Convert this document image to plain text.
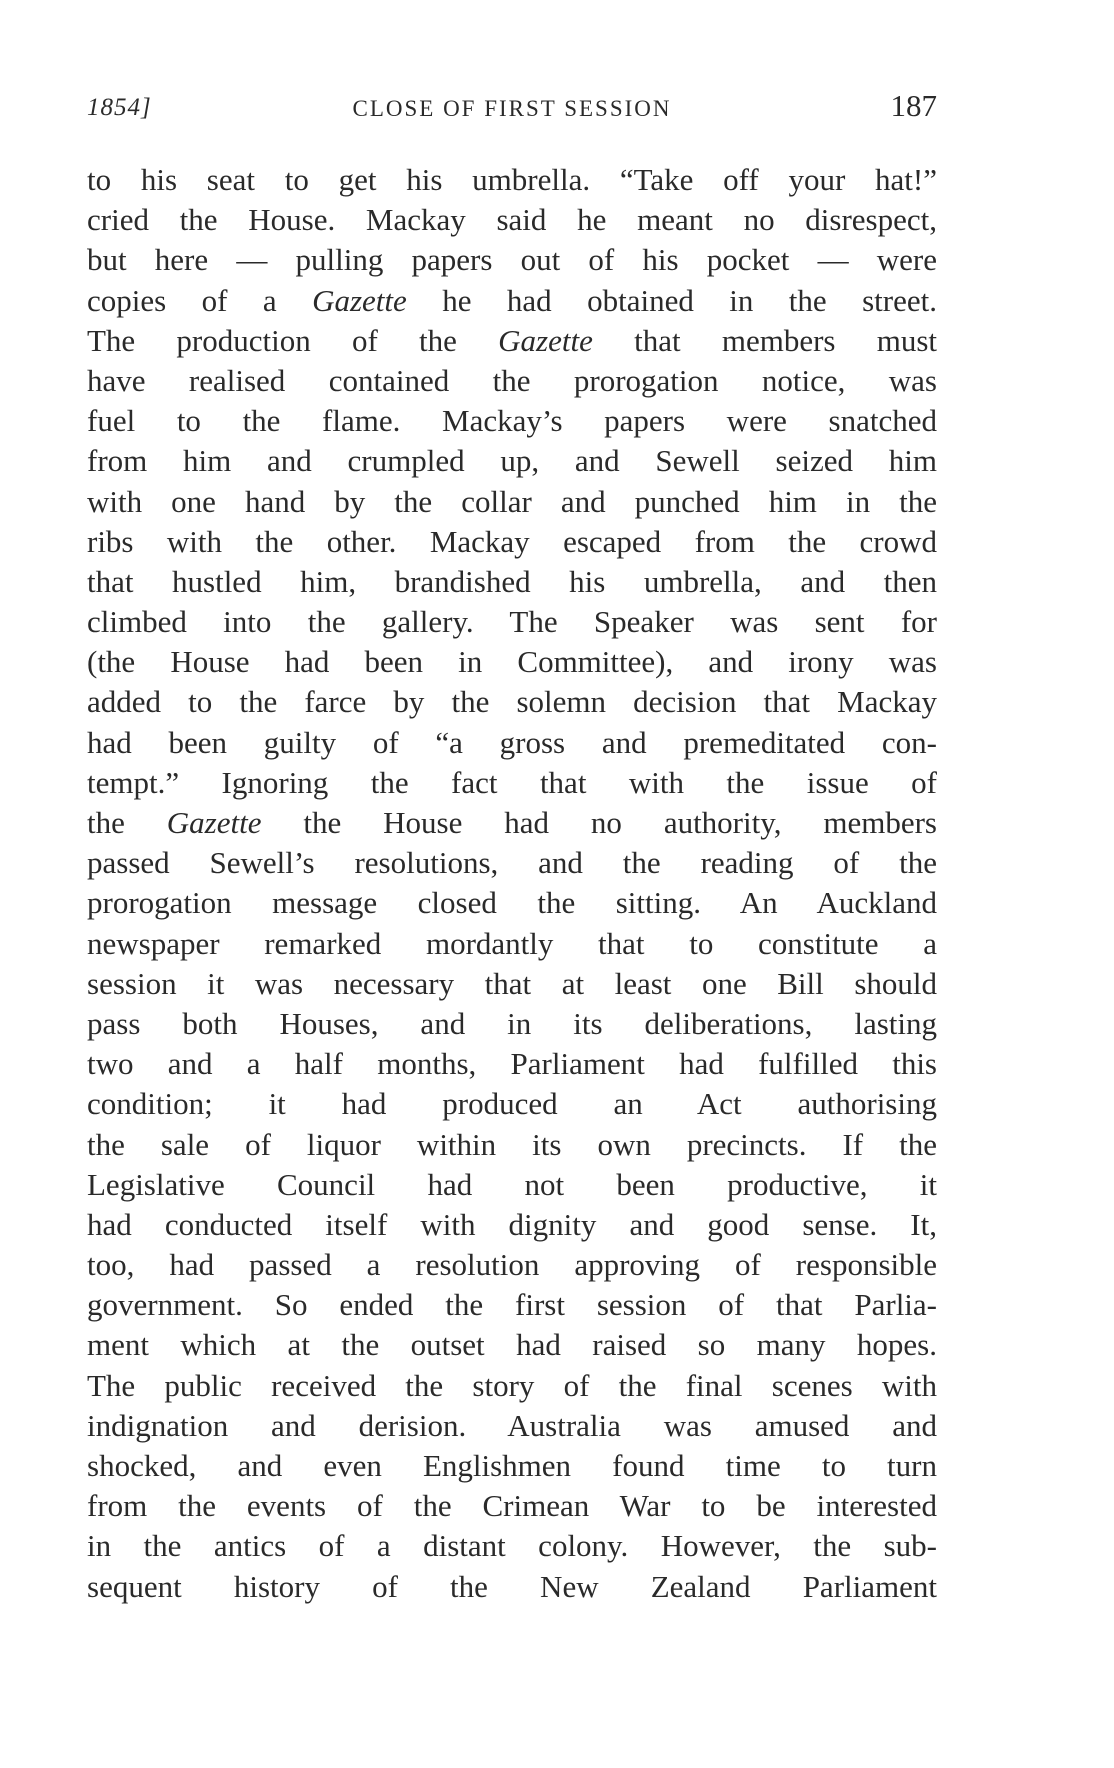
1854]	CLOSE OF FIRST SESSION	187
to his seat to get his umbrella. “Take off your hat!”
cried the House. Mackay said he meant no disrespect,
but here — pulling papers out of his pocket — were
copies of a Gazette he had obtained in the street.
The production of the Gazette that members must
have realised contained the prorogation notice, was
fuel to the flame. Mackay’s papers were snatched
from him and crumpled up, and Sewell seized him
with one hand by the collar and punched him in the
ribs with the other. Mackay escaped from the crowd
that hustled him, brandished his umbrella, and then
climbed into the gallery. The Speaker was sent for
(the House had been in Committee), and irony was
added to the farce by the solemn decision that Mackay
had been guilty of “a gross and premeditated con-
tempt.” Ignoring the fact that with the issue of
the Gazette the House had no authority, members
passed Sewell’s resolutions, and the reading of the
prorogation message closed the sitting. An Auckland
newspaper remarked mordantly that to constitute a
session it was necessary that at least one Bill should
pass both Houses, and in its deliberations, lasting
two and a half months, Parliament had fulfilled this
condition; it had produced an Act authorising
the sale of liquor within its own precincts. If the
Legislative Council had not been productive, it
had conducted itself with dignity and good sense. It,
too, had passed a resolution approving of responsible
government. So ended the first session of that Parlia-
ment which at the outset had raised so many hopes.
The public received the story of the final scenes with
indignation and derision. Australia was amused and
shocked, and even Englishmen found time to turn
from the events of the Crimean War to be interested
in the antics of a distant colony. However, the sub-
sequent history of the New Zealand Parliament
